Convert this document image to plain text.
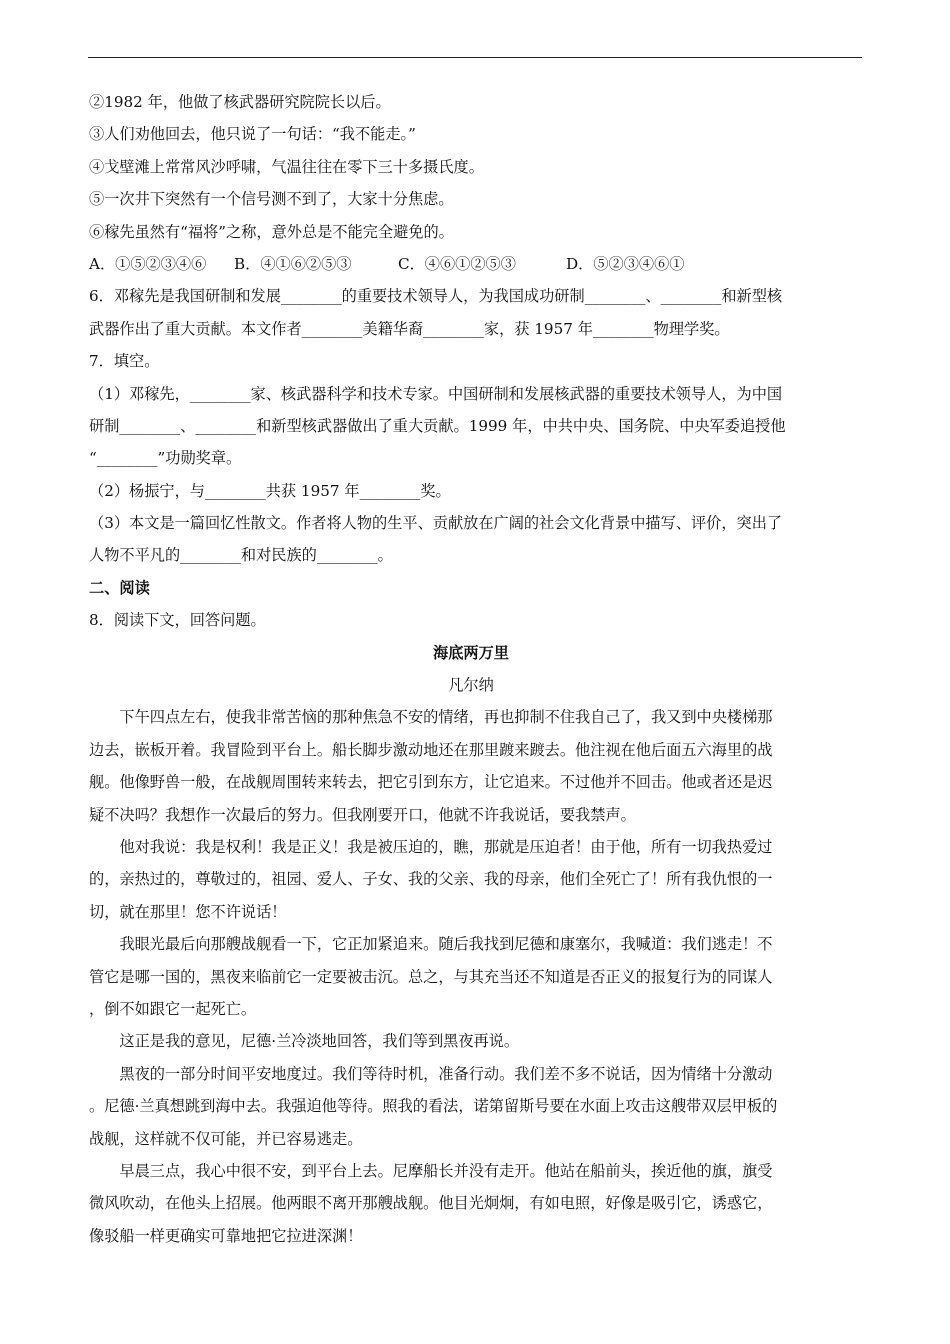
②1982 年，他做了核武器研究院院长以后。
③人们劝他回去，他只说了一句话：“我不能走。”
④戈壁滩上常常风沙呼啸，气温往往在零下三十多摄氏度。
⑤一次井下突然有一个信号测不到了，大家十分焦虑。
⑥稼先虽然有“福将”之称，意外总是不能完全避免的。
A．①⑤②③④⑥ B．④①⑥②⑤③	C．④⑥①②⑤③	D．⑤②③④⑥①
6．邓稼先是我国研制和发展________的重要技术领导人，为我国成功研制________、________和新型核
武器作出了重大贡献。本文作者________美籍华裔________家，获 1957 年________物理学奖。
7．填空。
（1）邓稼先，________家、核武器科学和技术专家。中国研制和发展核武器的重要技术领导人，为中国
研制________、________和新型核武器做出了重大贡献。1999 年，中共中央、国务院、中央军委追授他
“________”功勋奖章。
（2）杨振宁，与________共获 1957 年________奖。
（3）本文是一篇回忆性散文。作者将人物的生平、贡献放在广阔的社会文化背景中描写、评价，突出了
人物不平凡的________和对民族的________。
二、阅读
8．阅读下文，回答问题。
海底两万里
凡尔纳
下午四点左右，使我非常苦恼的那种焦急不安的情绪，再也抑制不住我自己了，我又到中央楼梯那
边去，嵌板开着。我冒险到平台上。船长脚步激动地还在那里踱来踱去。他注视在他后面五六海里的战
舰。他像野兽一般，在战舰周围转来转去，把它引到东方，让它追来。不过他并不回击。他或者还是迟
疑不决吗？我想作一次最后的努力。但我刚要开口，他就不许我说话，要我禁声。
他对我说：我是权利！我是正义！我是被压迫的，瞧，那就是压迫者！由于他，所有一切我热爱过
的，亲热过的，尊敬过的，祖园、爱人、子女、我的父亲、我的母亲，他们全死亡了！所有我仇恨的一
切，就在那里！您不许说话！
我眼光最后向那艘战舰看一下，它正加紧追来。随后我找到尼德和康塞尔，我喊道：我们逃走！不
管它是哪一国的，黑夜来临前它一定要被击沉。总之，与其充当还不知道是否正义的报复行为的同谋人
，倒不如跟它一起死亡。
这正是我的意见，尼德·兰冷淡地回答，我们等到黑夜再说。
黑夜的一部分时间平安地度过。我们等待时机，准备行动。我们差不多不说话，因为情绪十分激动
。尼德·兰真想跳到海中去。我强迫他等待。照我的看法，诺第留斯号要在水面上攻击这艘带双层甲板的
战舰，这样就不仅可能，并已容易逃走。
早晨三点，我心中很不安，到平台上去。尼摩船长并没有走开。他站在船前头，挨近他的旗，旗受
微风吹动，在他头上招展。他两眼不离开那艘战舰。他目光炯炯，有如电照，好像是吸引它，诱惑它，
像驳船一样更确实可靠地把它拉进深渊！
